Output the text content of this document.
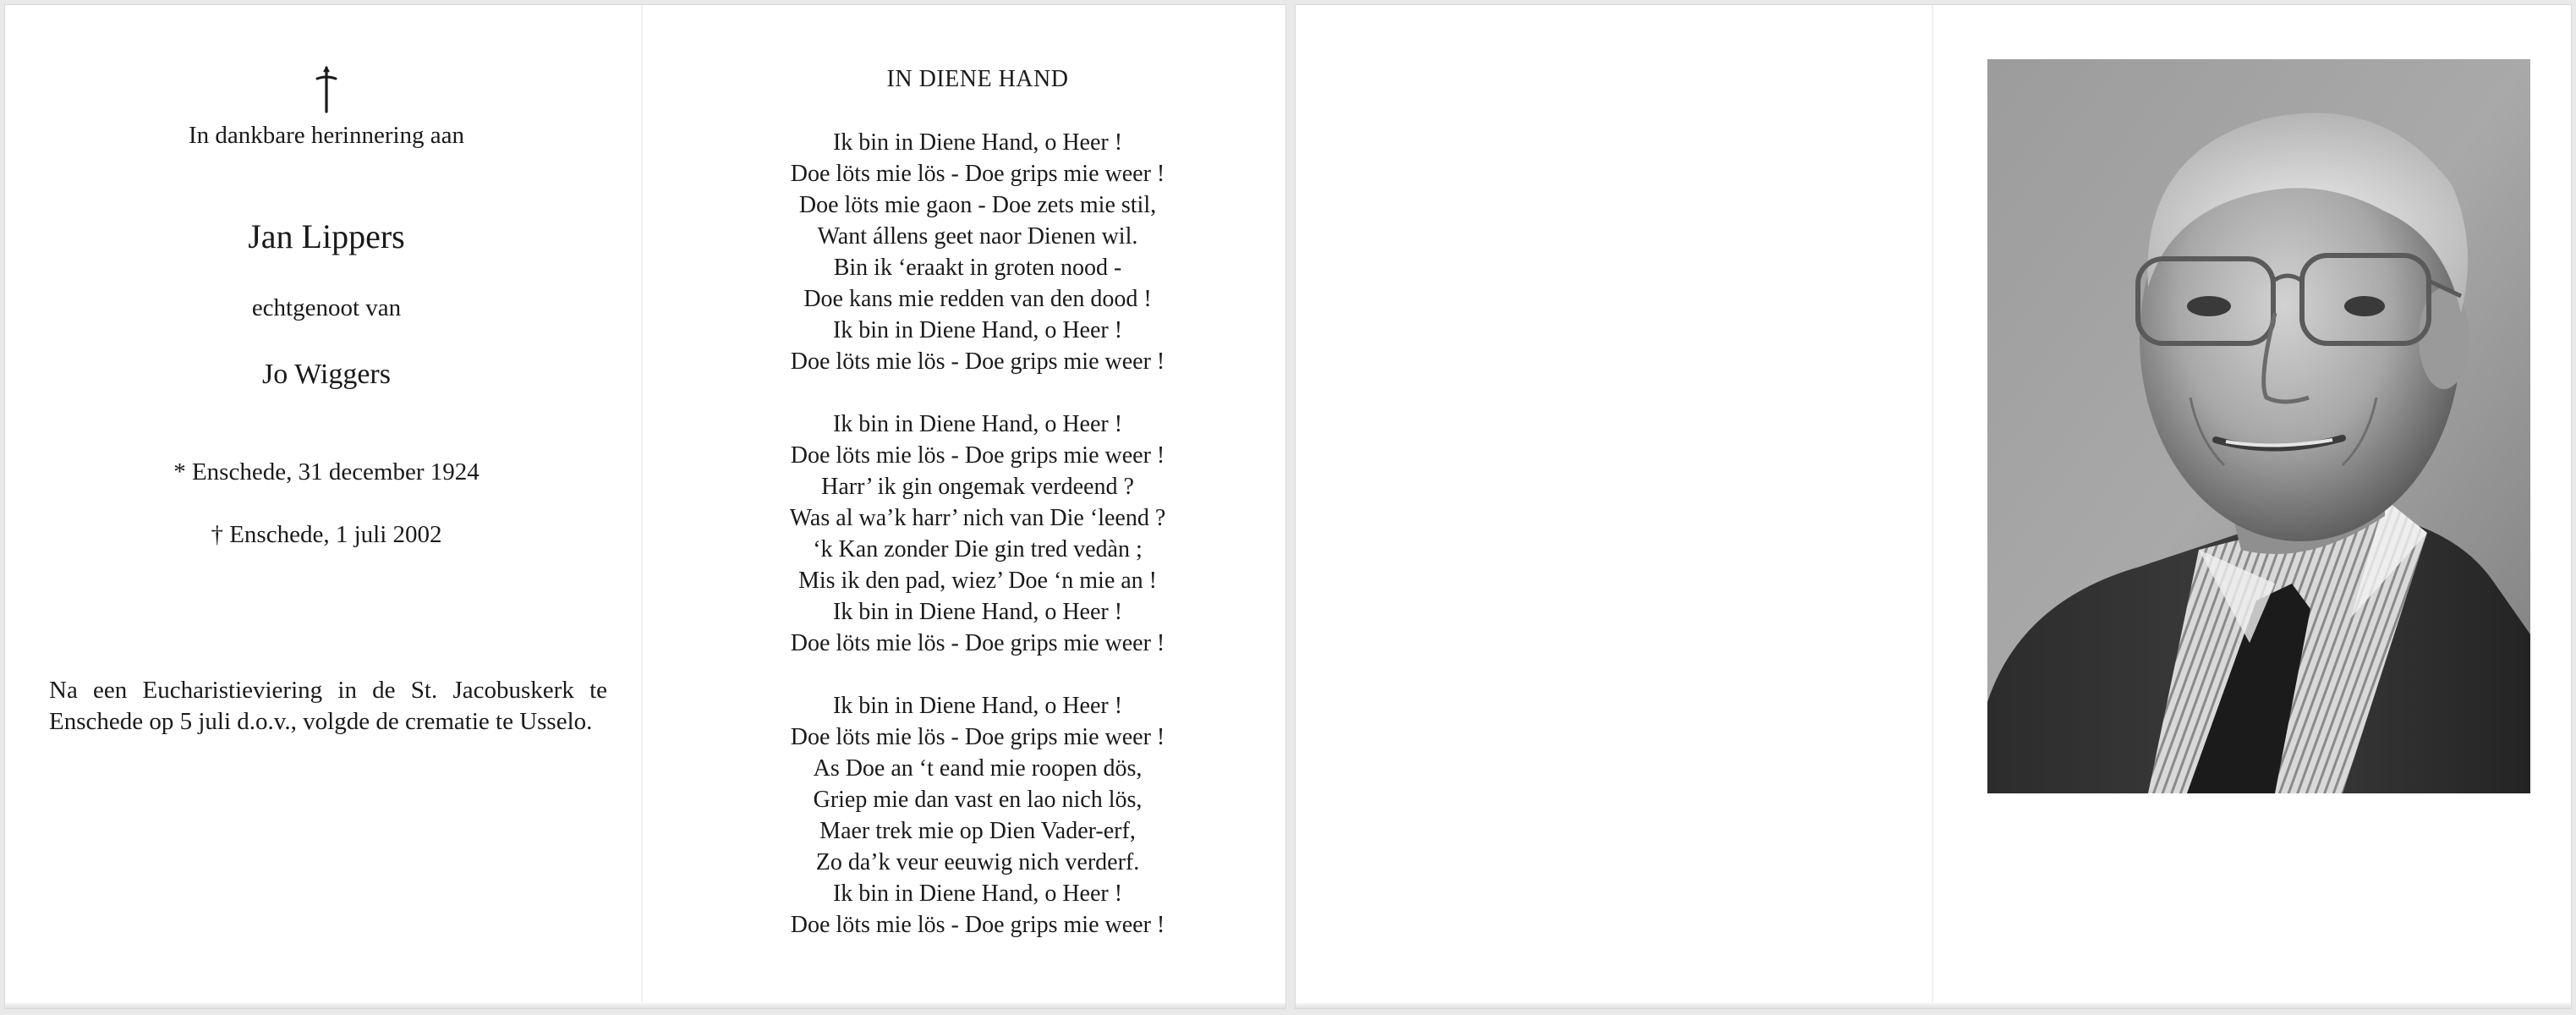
In dankbare herinnering aan
Jan Lippers
echtgenoot van
Jo Wiggers
* Enschede, 31 december 1924
† Enschede, 1 juli 2002
Na een Eucharistieviering in de St. Jacobuskerk te Enschede op 5 juli d.o.v., volgde de crematie te Usselo.
IN DIENE HAND
Ik bin in Diene Hand, o Heer !
Doe löts mie lös - Doe grips mie weer !
Doe löts mie gaon - Doe zets mie stil,
Want állens geet naor Dienen wil.
Bin ik ‘eraakt in groten nood -
Doe kans mie redden van den dood !
Ik bin in Diene Hand, o Heer !
Doe löts mie lös - Doe grips mie weer !
Ik bin in Diene Hand, o Heer !
Doe löts mie lös - Doe grips mie weer !
Harr’ ik gin ongemak verdeend ?
Was al wa’k harr’ nich van Die ‘leend ?
‘k Kan zonder Die gin tred vedàn ;
Mis ik den pad, wiez’ Doe ‘n mie an !
Ik bin in Diene Hand, o Heer !
Doe löts mie lös - Doe grips mie weer !
Ik bin in Diene Hand, o Heer !
Doe löts mie lös - Doe grips mie weer !
As Doe an ‘t eand mie roopen dös,
Griep mie dan vast en lao nich lös,
Maer trek mie op Dien Vader-erf,
Zo da’k veur eeuwig nich verderf.
Ik bin in Diene Hand, o Heer !
Doe löts mie lös - Doe grips mie weer !
